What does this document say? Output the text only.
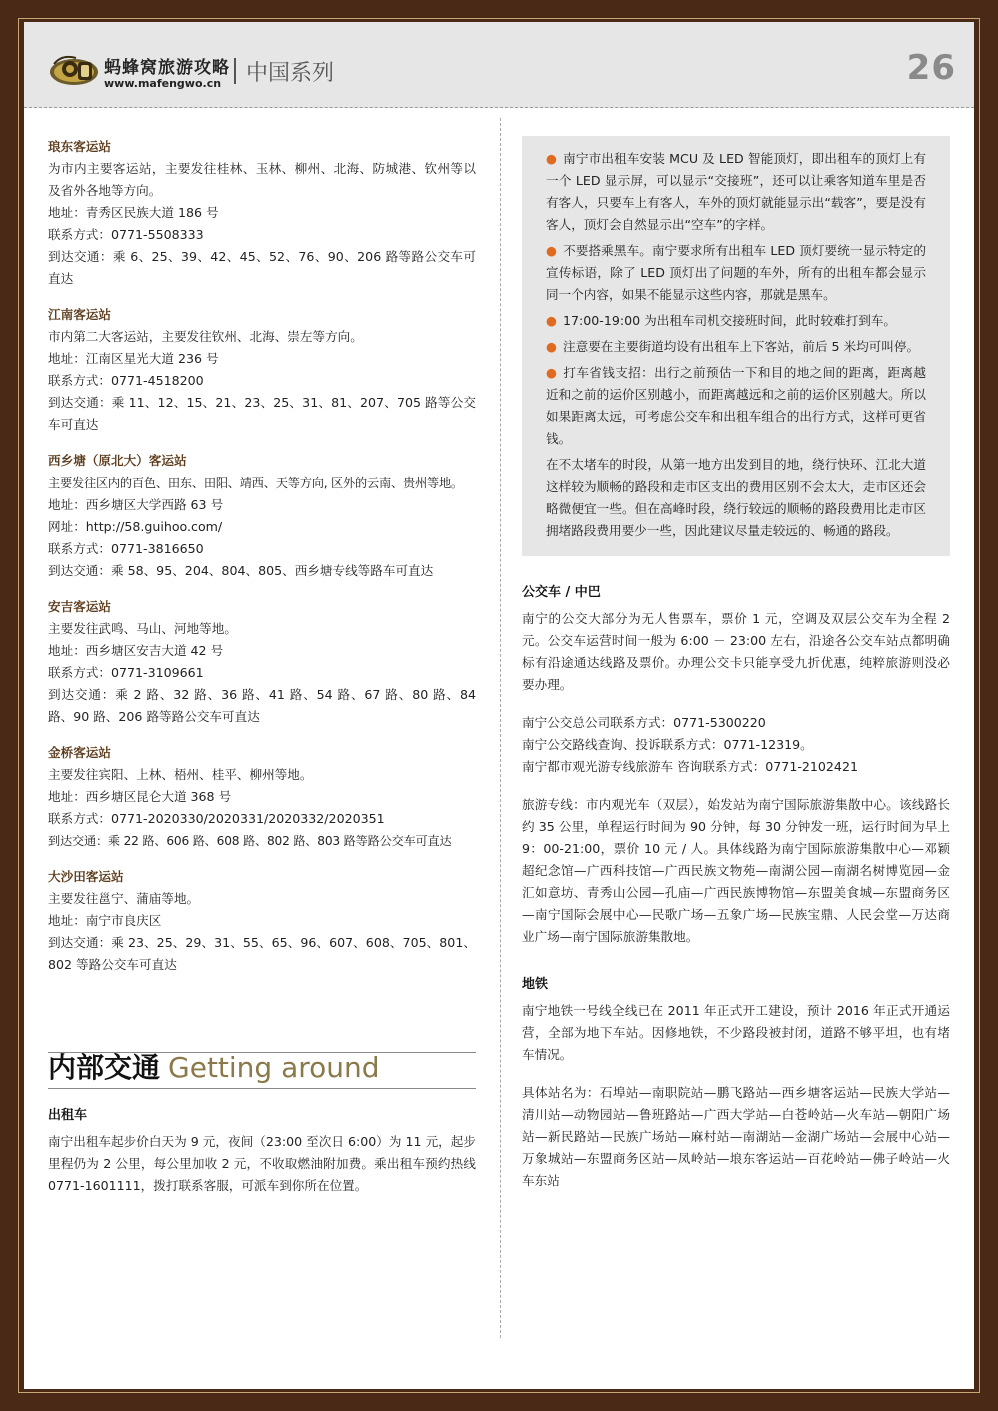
蚂蜂窝旅游攻略
www.mafengwo.cn 中国系列	26

琅东客运站

为市内主要客运站，主要发往桂林、玉林、柳州、北海、防城港、钦州等以及省外各地等方向。

地址：青秀区民族大道 186 号

联系方式：0771-5508333

到达交通：乘 6、25、39、42、45、52、76、90、206 路等路公交车可直达

江南客运站

市内第二大客运站，主要发往钦州、北海、崇左等方向。

地址：江南区星光大道 236 号

联系方式：0771-4518200

到达交通：乘 11、12、15、21、23、25、31、81、207、705 路等公交车可直达

西乡塘（原北大）客运站

主要发往区内的百色、田东、田阳、靖西、天等方向, 区外的云南、贵州等地。

地址：西乡塘区大学西路 63 号

网址：http://58.guihoo.com/

联系方式：0771-3816650

到达交通：乘 58、95、204、804、805、西乡塘专线等路车可直达

安吉客运站

主要发往武鸣、马山、河地等地。

地址：西乡塘区安吉大道 42 号

联系方式：0771-3109661

到达交通：乘 2 路、32 路、36 路、41 路、54 路、67 路、80 路、84 路、90 路、206 路等路公交车可直达

金桥客运站

主要发往宾阳、上林、梧州、桂平、柳州等地。

地址：西乡塘区昆仑大道 368 号

联系方式：0771-2020330/2020331/2020332/2020351

到达交通：乘 22 路、606 路、608 路、802 路、803 路等路公交车可直达

大沙田客运站

主要发往邕宁、蒲庙等地。

地址：南宁市良庆区

到达交通：乘 23、25、29、31、55、65、96、607、608、705、801、802 等路公交车可直达

内部交通 Getting around

出租车

南宁出租车起步价白天为 9 元，夜间（23:00 至次日 6:00）为 11 元，起步里程仍为 2 公里，每公里加收 2 元，不收取燃油附加费。乘出租车预约热线 0771-1601111，拨打联系客服，可派车到你所在位置。

● 南宁市出租车安装 MCU 及 LED 智能顶灯，即出租车的顶灯上有一个 LED 显示屏，可以显示“交接班”，还可以让乘客知道车里是否有客人，只要车上有客人，车外的顶灯就能显示出“载客”，要是没有客人，顶灯会自然显示出“空车”的字样。

● 不要搭乘黑车。南宁要求所有出租车 LED 顶灯要统一显示特定的宣传标语，除了 LED 顶灯出了问题的车外，所有的出租车都会显示同一个内容，如果不能显示这些内容，那就是黑车。

● 17:00-19:00 为出租车司机交接班时间，此时较难打到车。

● 注意要在主要街道均设有出租车上下客站，前后 5 米均可叫停。

● 打车省钱支招：出行之前预估一下和目的地之间的距离，距离越近和之前的运价区别越小，而距离越远和之前的运价区别越大。所以如果距离太远，可考虑公交车和出租车组合的出行方式，这样可更省钱。

在不太堵车的时段，从第一地方出发到目的地，绕行快环、江北大道这样较为顺畅的路段和走市区支出的费用区别不会太大，走市区还会略微便宜一些。但在高峰时段，绕行较远的顺畅的路段费用比走市区拥堵路段费用要少一些，因此建议尽量走较远的、畅通的路段。

公交车 / 中巴

南宁的公交大部分为无人售票车，票价 1 元，空调及双层公交车为全程 2 元。公交车运营时间一般为 6:00 － 23:00 左右，沿途各公交车站点都明确标有沿途通达线路及票价。办理公交卡只能享受九折优惠，纯粹旅游则没必要办理。

南宁公交总公司联系方式：0771-5300220

南宁公交路线查询、投诉联系方式：0771-12319。

南宁都市观光游专线旅游车 咨询联系方式：0771-2102421

旅游专线：市内观光车（双层），始发站为南宁国际旅游集散中心。该线路长约 35 公里，单程运行时间为 90 分钟，每 30 分钟发一班，运行时间为早上 9：00-21:00，票价 10 元 / 人。具体线路为南宁国际旅游集散中心—邓颖超纪念馆—广西科技馆—广西民族文物苑—南湖公园—南湖名树博览园—金汇如意坊、青秀山公园—孔庙—广西民族博物馆—东盟美食城—东盟商务区—南宁国际会展中心—民歌广场—五象广场—民族宝鼎、人民会堂—万达商业广场—南宁国际旅游集散地。

地铁

南宁地铁一号线全线已在 2011 年正式开工建设，预计 2016 年正式开通运营，全部为地下车站。因修地铁，不少路段被封闭，道路不够平坦，也有堵车情况。

具体站名为：石埠站—南职院站—鹏飞路站—西乡塘客运站—民族大学站—清川站—动物园站—鲁班路站—广西大学站—白苍岭站—火车站—朝阳广场站—新民路站—民族广场站—麻村站—南湖站—金湖广场站—会展中心站—万象城站—东盟商务区站—凤岭站—埌东客运站—百花岭站—佛子岭站—火车东站
